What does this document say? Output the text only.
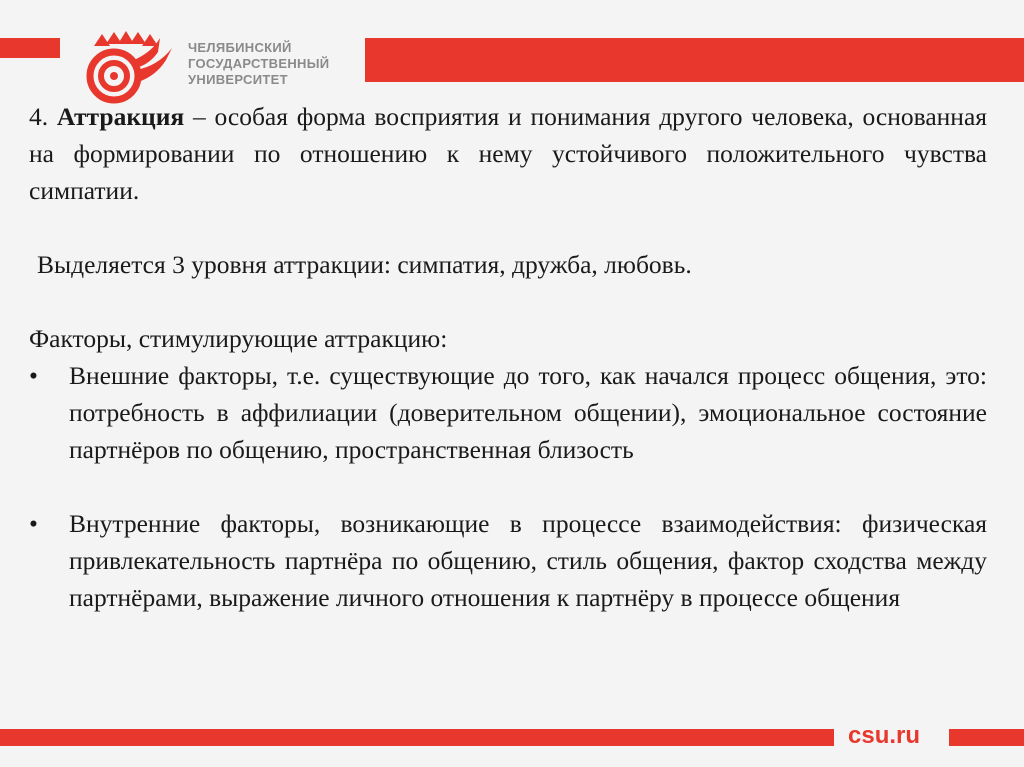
ЧЕЛЯБИНСКИЙ
ГОСУДАРСТВЕННЫЙ
УНИВЕРСИТЕТ

4. Аттракция – особая форма восприятия и понимания другого человека, основанная на формировании по отношению к нему устойчивого положительного чувства симпатии.

Выделяется 3 уровня аттракции: симпатия, дружба, любовь.

Факторы, стимулирующие аттракцию:

•	Внешние факторы, т.е. существующие до того, как начался процесс общения, это: потребность в аффилиации (доверительном общении), эмоциональное состояние партнёров по общению, пространственная близость
•	Внутренние факторы, возникающие в процессе взаимодействия: физическая привлекательность партнёра по общению, стиль общения, фактор сходства между партнёрами, выражение личного отношения к партнёру в процессе общения
csu.ru
